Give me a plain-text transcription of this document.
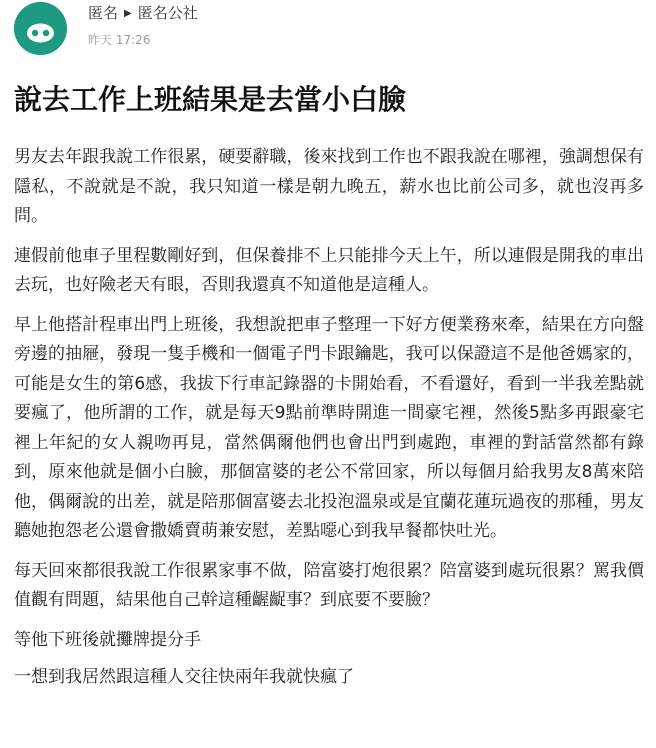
匿名 ▶ 匿名公社
昨天 17:26
說去工作上班結果是去當小白臉

男友去年跟我說工作很累，硬要辭職，後來找到工作也不跟我說在哪裡，強調想保有隱私，不說就是不說，我只知道一樣是朝九晚五，薪水也比前公司多，就也沒再多問。

連假前他車子里程數剛好到，但保養排不上只能排今天上午，所以連假是開我的車出去玩，也好險老天有眼，否則我還真不知道他是這種人。

早上他搭計程車出門上班後，我想說把車子整理一下好方便業務來牽，結果在方向盤旁邊的抽屜，發現一隻手機和一個電子門卡跟鑰匙，我可以保證這不是他爸媽家的，可能是女生的第6感，我拔下行車記錄器的卡開始看，不看還好，看到一半我差點就要瘋了，他所謂的工作，就是每天9點前準時開進一間豪宅裡，然後5點多再跟豪宅裡上年紀的女人親吻再見，當然偶爾他們也會出門到處跑，車裡的對話當然都有錄到，原來他就是個小白臉，那個富婆的老公不常回家，所以每個月給我男友8萬來陪他，偶爾說的出差，就是陪那個富婆去北投泡溫泉或是宜蘭花蓮玩過夜的那種，男友聽她抱怨老公還會撒嬌賣萌兼安慰，差點噁心到我早餐都快吐光。

每天回來都很我說工作很累家事不做，陪富婆打炮很累？陪富婆到處玩很累？罵我價值觀有問題，結果他自己幹這種齷齪事？到底要不要臉？

等他下班後就攤牌提分手

一想到我居然跟這種人交往快兩年我就快瘋了
